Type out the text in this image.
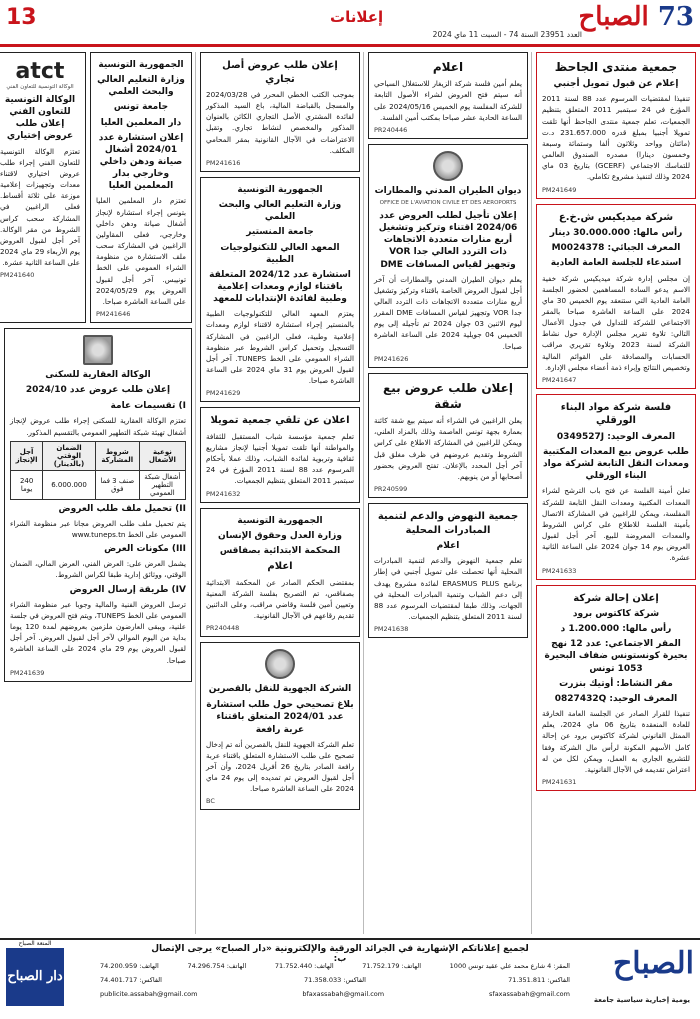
73 الصباح
العدد 23951 السنة 74 - السبت 11 ماي 2024
إعلانات
13
جمعية منتدى الجاحظ
إعلام عن قبول تمويل أجنبي
تنفيذا لمقتضيات المرسوم عدد 88 لسنة 2011 المؤرخ في 24 سبتمبر 2011 المتعلق بتنظيم الجمعيات، تعلم جمعية منتدى الجاحظ أنها تلقت تمويلا أجنبيا بمبلغ قدره 231.657.000 د.ت (مائتان وواحد وثلاثون ألفا وستمائة وسبعة وخمسون دينارا) مصدره الصندوق العالمي للتماسك الاجتماعي (GCERF) بتاريخ 03 ماي 2024 وذلك لتنفيذ مشروع تكاملي.
PM241649
شركة ميديكيس ش.خ.ع
رأس مالها: 30.000.000 دينار
المعرف الجبائي: M0024378
استدعاء للجلسة العامة العادية
إن مجلس إدارة شركة ميديكيس شركة خفية الاسم يدعو السادة المساهمين لحضور الجلسة العامة العادية التي ستنعقد يوم الخميس 30 ماي 2024 على الساعة العاشرة صباحا بالمقر الاجتماعي للشركة للتداول في جدول الأعمال التالي: تلاوة تقرير مجلس الإدارة حول نشاط الشركة لسنة 2023 وتلاوة تقريري مراقب الحسابات والمصادقة على القوائم المالية وتخصيص النتائج وإبراء ذمة أعضاء مجلس الإدارة.
PM241647
فلسة شركة مواد البناء الورقلي
المعرف الوحيد: 0349527J
طلب عروض بيع المعدات المكتبية ومعدات النقل التابعة لشركة مواد البناء الورقلي
تعلن أمينة الفلسة عن فتح باب الترشح لشراء المعدات المكتبية ومعدات النقل التابعة للشركة المفلسة، ويمكن للراغبين في المشاركة الاتصال بأمينة الفلسة للاطلاع على كراس الشروط والمعدات المعروضة للبيع. آخر أجل لقبول العروض يوم 14 جوان 2024 على الساعة الثانية عشرة.
PM241633
إعلان إحالة شركة
شركة كاكتوس برود
رأس مالها: 1.200.000 د
المقر الاجتماعي: عدد 12 نهج بحيرة كونستونس ضفاف البحيرة 1053 تونس
مقر النشاط: أوتيك بنزرت
المعرف الوحيد: 0827432Q
تنفيذا للقرار الصادر عن الجلسة العامة الخارقة للعادة المنعقدة بتاريخ 06 ماي 2024، يعلم الممثل القانوني لشركة كاكتوس برود عن إحالة كامل الأسهم المكونة لرأس مال الشركة وفقا للتشريع الجاري به العمل، ويمكن لكل من له اعتراض تقديمه في الآجال القانونية.
PM241631
اعلام
يعلم أمين فلسة شركة الزيغار للاستغلال السياحي أنه سيتم فتح العروض لشراء الأصول التابعة للشركة المفلسة يوم الخميس 2024/05/16 على الساعة الحادية عشر صباحا بمكتب أمين الفلسة.
PR240446
ديوان الطيران المدني والمطارات
OFFICE DE L'AVIATION CIVILE ET DES AEROPORTS
إعلان تأجيل لطلب العروض عدد 2024/06 اقتناء وتركيز وتشغيل أربع منارات متعددة الاتجاهات ذات التردد العالي جدا VOR وتجهيز لقياس المسافات DME
يعلم ديوان الطيران المدني والمطارات أن آخر أجل لقبول العروض الخاصة باقتناء وتركيز وتشغيل أربع منارات متعددة الاتجاهات ذات التردد العالي جدا VOR وتجهيز لقياس المسافات DME المقرر ليوم الاثنين 03 جوان 2024 تم تأجيله إلى يوم الخميس 04 جويلية 2024 على الساعة العاشرة صباحا.
PM241626
إعلان طلب عروض بيع شقة
يعلن الراغبين في الشراء أنه سيتم بيع شقة كائنة بعمارة بجهة تونس العاصمة وذلك بالمزاد العلني، ويمكن للراغبين في المشاركة الاطلاع على كراس الشروط وتقديم عروضهم في ظرف مغلق قبل آخر أجل المحدد بالإعلان. تفتح العروض بحضور أصحابها أو من ينوبهم.
PR240599
جمعية النهوض والدعم لتنمية المبادرات المحلية
اعلام
تعلم جمعية النهوض والدعم لتنمية المبادرات المحلية أنها تحصلت على تمويل أجنبي في إطار برنامج ERASMUS PLUS لفائدة مشروع يهدف إلى دعم الشباب وتنمية المبادرات المحلية في الجهات، وذلك طبقا لمقتضيات المرسوم عدد 88 لسنة 2011 المتعلق بتنظيم الجمعيات.
PM241638
إعلان طلب عروض أصل تجاري
بموجب الكتب الخطي المحرر في 2024/03/28 والمسجل بالقباضة المالية، باع السيد المذكور لفائدة المشتري الأصل التجاري الكائن بالعنوان المذكور والمخصص لنشاط تجاري. وتقبل الاعتراضات في الآجال القانونية بمقر المحامي المكلف.
PM241616
الجمهورية التونسية
وزارة التعليم العالي والبحث العلمي
جامعة المنستير
المعهد العالي للتكنولوجيات الطبية
استشارة عدد 2024/12 المتعلقة باقتناء لوازم ومعدات إعلامية وطبية لفائدة الإنتدابات للمعهد
يعتزم المعهد العالي للتكنولوجيات الطبية بالمنستير إجراء استشارة لاقتناء لوازم ومعدات إعلامية وطبية، فعلى الراغبين في المشاركة التسجيل وتحميل كراس الشروط عبر منظومة الشراء العمومي على الخط TUNEPS. آخر أجل لقبول العروض يوم 31 ماي 2024 على الساعة العاشرة صباحا.
PM241629
اعلان عن تلقي جمعية تمويلا
تعلم جمعية مؤسسة شباب المستقبل للثقافة والمواطنة أنها تلقت تمويلا أجنبيا لإنجاز مشاريع ثقافية وتربوية لفائدة الشباب، وذلك عملا بأحكام المرسوم عدد 88 لسنة 2011 المؤرخ في 24 سبتمبر 2011 المتعلق بتنظيم الجمعيات.
PM241632
الجمهورية التونسية
وزارة العدل وحقوق الإنسان
المحكمة الابتدائية بصفاقس
اعلام
بمقتضى الحكم الصادر عن المحكمة الابتدائية بصفاقس، تم التصريح بفلسة الشركة المعنية وتعيين أمين فلسة وقاضي مراقب، وعلى الدائنين تقديم رقاعهم في الآجال القانونية.
PR240448
الشركة الجهوية للنقل بالقصرين
بلاغ تصحيحي حول طلب استشارة عدد 2024/01 المتعلق باقتناء عربة رافعة
تعلم الشركة الجهوية للنقل بالقصرين أنه تم إدخال تصحيح على طلب الاستشارة المتعلق باقتناء عربة رافعة الصادر بتاريخ 26 أفريل 2024، وأن آخر أجل لقبول العروض تم تمديده إلى يوم 24 ماي 2024 على الساعة العاشرة صباحا.
BC
الجمهورية التونسية
وزارة التعليم العالي والبحث العلمي
جامعة تونس
دار المعلمين العليا
إعلان استشارة عدد 2024/01 أشغال صيانة ودهن داخلي وخارجي بدار المعلمين العليا
تعتزم دار المعلمين العليا بتونس إجراء استشارة لإنجاز أشغال صيانة ودهن داخلي وخارجي، فعلى المقاولين الراغبين في المشاركة سحب ملف الاستشارة من منظومة الشراء العمومي على الخط تونيبس. آخر أجل لقبول العروض يوم 2024/05/29 على الساعة العاشرة صباحا.
PM241646
atct
الوكالة التونسية للتعاون الفني
الوكالة التونسية للتعاون الفني إعلان طلب عروض إختياري
تعتزم الوكالة التونسية للتعاون الفني إجراء طلب عروض اختياري لاقتناء معدات وتجهيزات إعلامية موزعة على ثلاثة أقساط. فعلى الراغبين في المشاركة سحب كراس الشروط من مقر الوكالة. آخر أجل لقبول العروض يوم الأربعاء 29 ماي 2024 على الساعة الثانية عشرة.
PM241640
الوكالة العقارية للسكنى
إعلان طلب عروض عدد 2024/10
I) تقسيمات عامة
تعتزم الوكالة العقارية للسكنى إجراء طلب عروض لإنجاز أشغال تهيئة شبكة التطهير العمومي بالتقسيم المذكور.
نوعية الأشغال	شروط المشاركة	الضمان الوقتي (بالدينار)	آجل الإنجاز
أشغال شبكة التطهير العمومي	صنف 3 فما فوق	6.000.000	240 يوما
II) تحميل ملف طلب العروض
يتم تحميل ملف طلب العروض مجانا عبر منظومة الشراء العمومي على الخط www.tuneps.tn
III) مكونات العرض
يشمل العرض على: العرض الفني، العرض المالي، الضمان الوقتي، ووثائق إدارية طبقا لكراس الشروط.
IV) طريقة إرسال العروض
ترسل العروض الفنية والمالية وجوبا عبر منظومة الشراء العمومي على الخط TUNEPS، ويتم فتح العروض في جلسة علنية، ويبقى العارضون ملزمين بعروضهم لمدة 120 يوما بداية من اليوم الموالي لآخر أجل لقبول العروض. آخر أجل لقبول العروض يوم 29 ماي 2024 على الساعة العاشرة صباحا.
PM241639
الصباح
يومية إخبارية سياسية جامعة
لجميع إعلاناتكم الإشهارية في الجرائد الورقية والإلكترونية «دار الصباح» يرجى الإتصال ب:
المقر: 4 شارع محمد علي عقيد تونس 1000
الهاتف: 71.752.179
الهاتف: 71.752.440
الهاتف: 74.296.754
الهاتف: 74.200.959
الفاكس: 71.351.811
الفاكس: 71.358.033
الفاكس: 74.401.717
publicite.assabah@gmail.com	bfaxassabah@gmail.com	sfaxassabah@gmail.com
المنعة الصباح
دار الصباح
